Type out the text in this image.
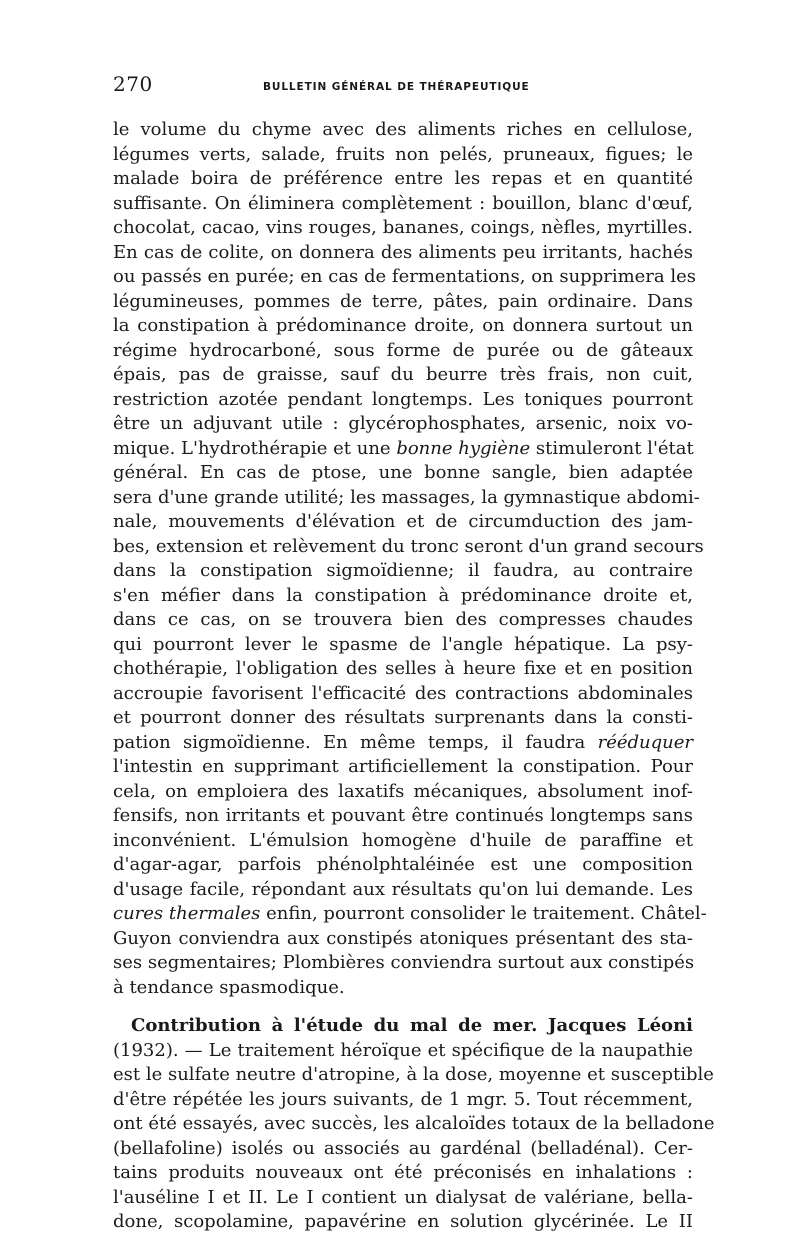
270	BULLETIN GÉNÉRAL DE THÉRAPEUTIQUE
le volume du chyme avec des aliments riches en cellulose,
légumes verts, salade, fruits non pelés, pruneaux, figues; le
malade boira de préférence entre les repas et en quantité
suffisante. On éliminera complètement : bouillon, blanc d'œuf,
chocolat, cacao, vins rouges, bananes, coings, nèfles, myrtilles.
En cas de colite, on donnera des aliments peu irritants, hachés
ou passés en purée; en cas de fermentations, on supprimera les
légumineuses, pommes de terre, pâtes, pain ordinaire. Dans
la constipation à prédominance droite, on donnera surtout un
régime hydrocarboné, sous forme de purée ou de gâteaux
épais, pas de graisse, sauf du beurre très frais, non cuit,
restriction azotée pendant longtemps. Les toniques pourront
être un adjuvant utile : glycérophosphates, arsenic, noix vo-
mique. L'hydrothérapie et une bonne hygiène stimuleront l'état
général. En cas de ptose, une bonne sangle, bien adaptée
sera d'une grande utilité; les massages, la gymnastique abdomi-
nale, mouvements d'élévation et de circumduction des jam-
bes, extension et relèvement du tronc seront d'un grand secours
dans la constipation sigmoïdienne; il faudra, au contraire
s'en méfier dans la constipation à prédominance droite et,
dans ce cas, on se trouvera bien des compresses chaudes
qui pourront lever le spasme de l'angle hépatique. La psy-
chothérapie, l'obligation des selles à heure fixe et en position
accroupie favorisent l'efficacité des contractions abdominales
et pourront donner des résultats surprenants dans la consti-
pation sigmoïdienne. En même temps, il faudra rééduquer
l'intestin en supprimant artificiellement la constipation. Pour
cela, on emploiera des laxatifs mécaniques, absolument inof-
fensifs, non irritants et pouvant être continués longtemps sans
inconvénient. L'émulsion homogène d'huile de paraffine et
d'agar-agar, parfois phénolphtaléinée est une composition
d'usage facile, répondant aux résultats qu'on lui demande. Les
cures thermales enfin, pourront consolider le traitement. Châtel-
Guyon conviendra aux constipés atoniques présentant des sta-
ses segmentaires; Plombières conviendra surtout aux constipés
à tendance spasmodique.
Contribution à l'étude du mal de mer. Jacques Léoni
(1932). — Le traitement héroïque et spécifique de la naupathie
est le sulfate neutre d'atropine, à la dose, moyenne et susceptible
d'être répétée les jours suivants, de 1 mgr. 5. Tout récemment,
ont été essayés, avec succès, les alcaloïdes totaux de la belladone
(bellafoline) isolés ou associés au gardénal (belladénal). Cer-
tains produits nouveaux ont été préconisés en inhalations :
l'auséline I et II. Le I contient un dialysat de valériane, bella-
done, scopolamine, papavérine en solution glycérinée. Le II
